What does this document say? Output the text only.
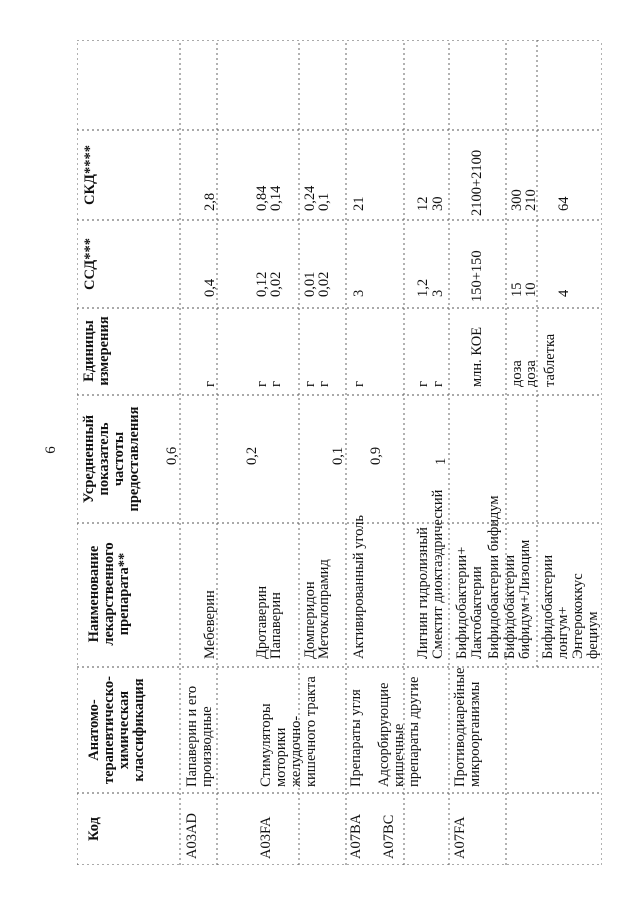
6
Код
Анатомо-терапевтическо-химическая классификация
Наименование лекарственного препарата**
Усредненный показатель частоты предоставления
Единицы измерения
ССД***
СКД****
A03AD
Папаверин и его производные
0,6
Мебеверин
г
0,4
2,8
Дротаверин
г
0,12
0,84
Папаверин
г
0,02
0,14
A03FA
Стимуляторы моторики желудочно-кишечного тракта
0,2
Домперидон
г
0,01
0,24
Метоклопрамид
г
0,02
0,1
A07BA
Препараты угля
0,1
Активированный уголь
г
3
21
A07BC
Адсорбирующие кишечные препараты другие
0,9
Лигнин гидролизный
г
1,2
12
Смектит диоктаэдрический
г
3
30
A07FA
Противодиарейные микроорганизмы
1
Бифидобактерии+ Лактобактерии
млн. КОЕ
150+150
2100+2100
Бифидобактерии бифидум
доза
15
300
Бифидобактерии бифидум+Лизоцим
доза
10
210
Бифидобактерии лонгум+ Энтерококкус фециум
таблетка
4
64
